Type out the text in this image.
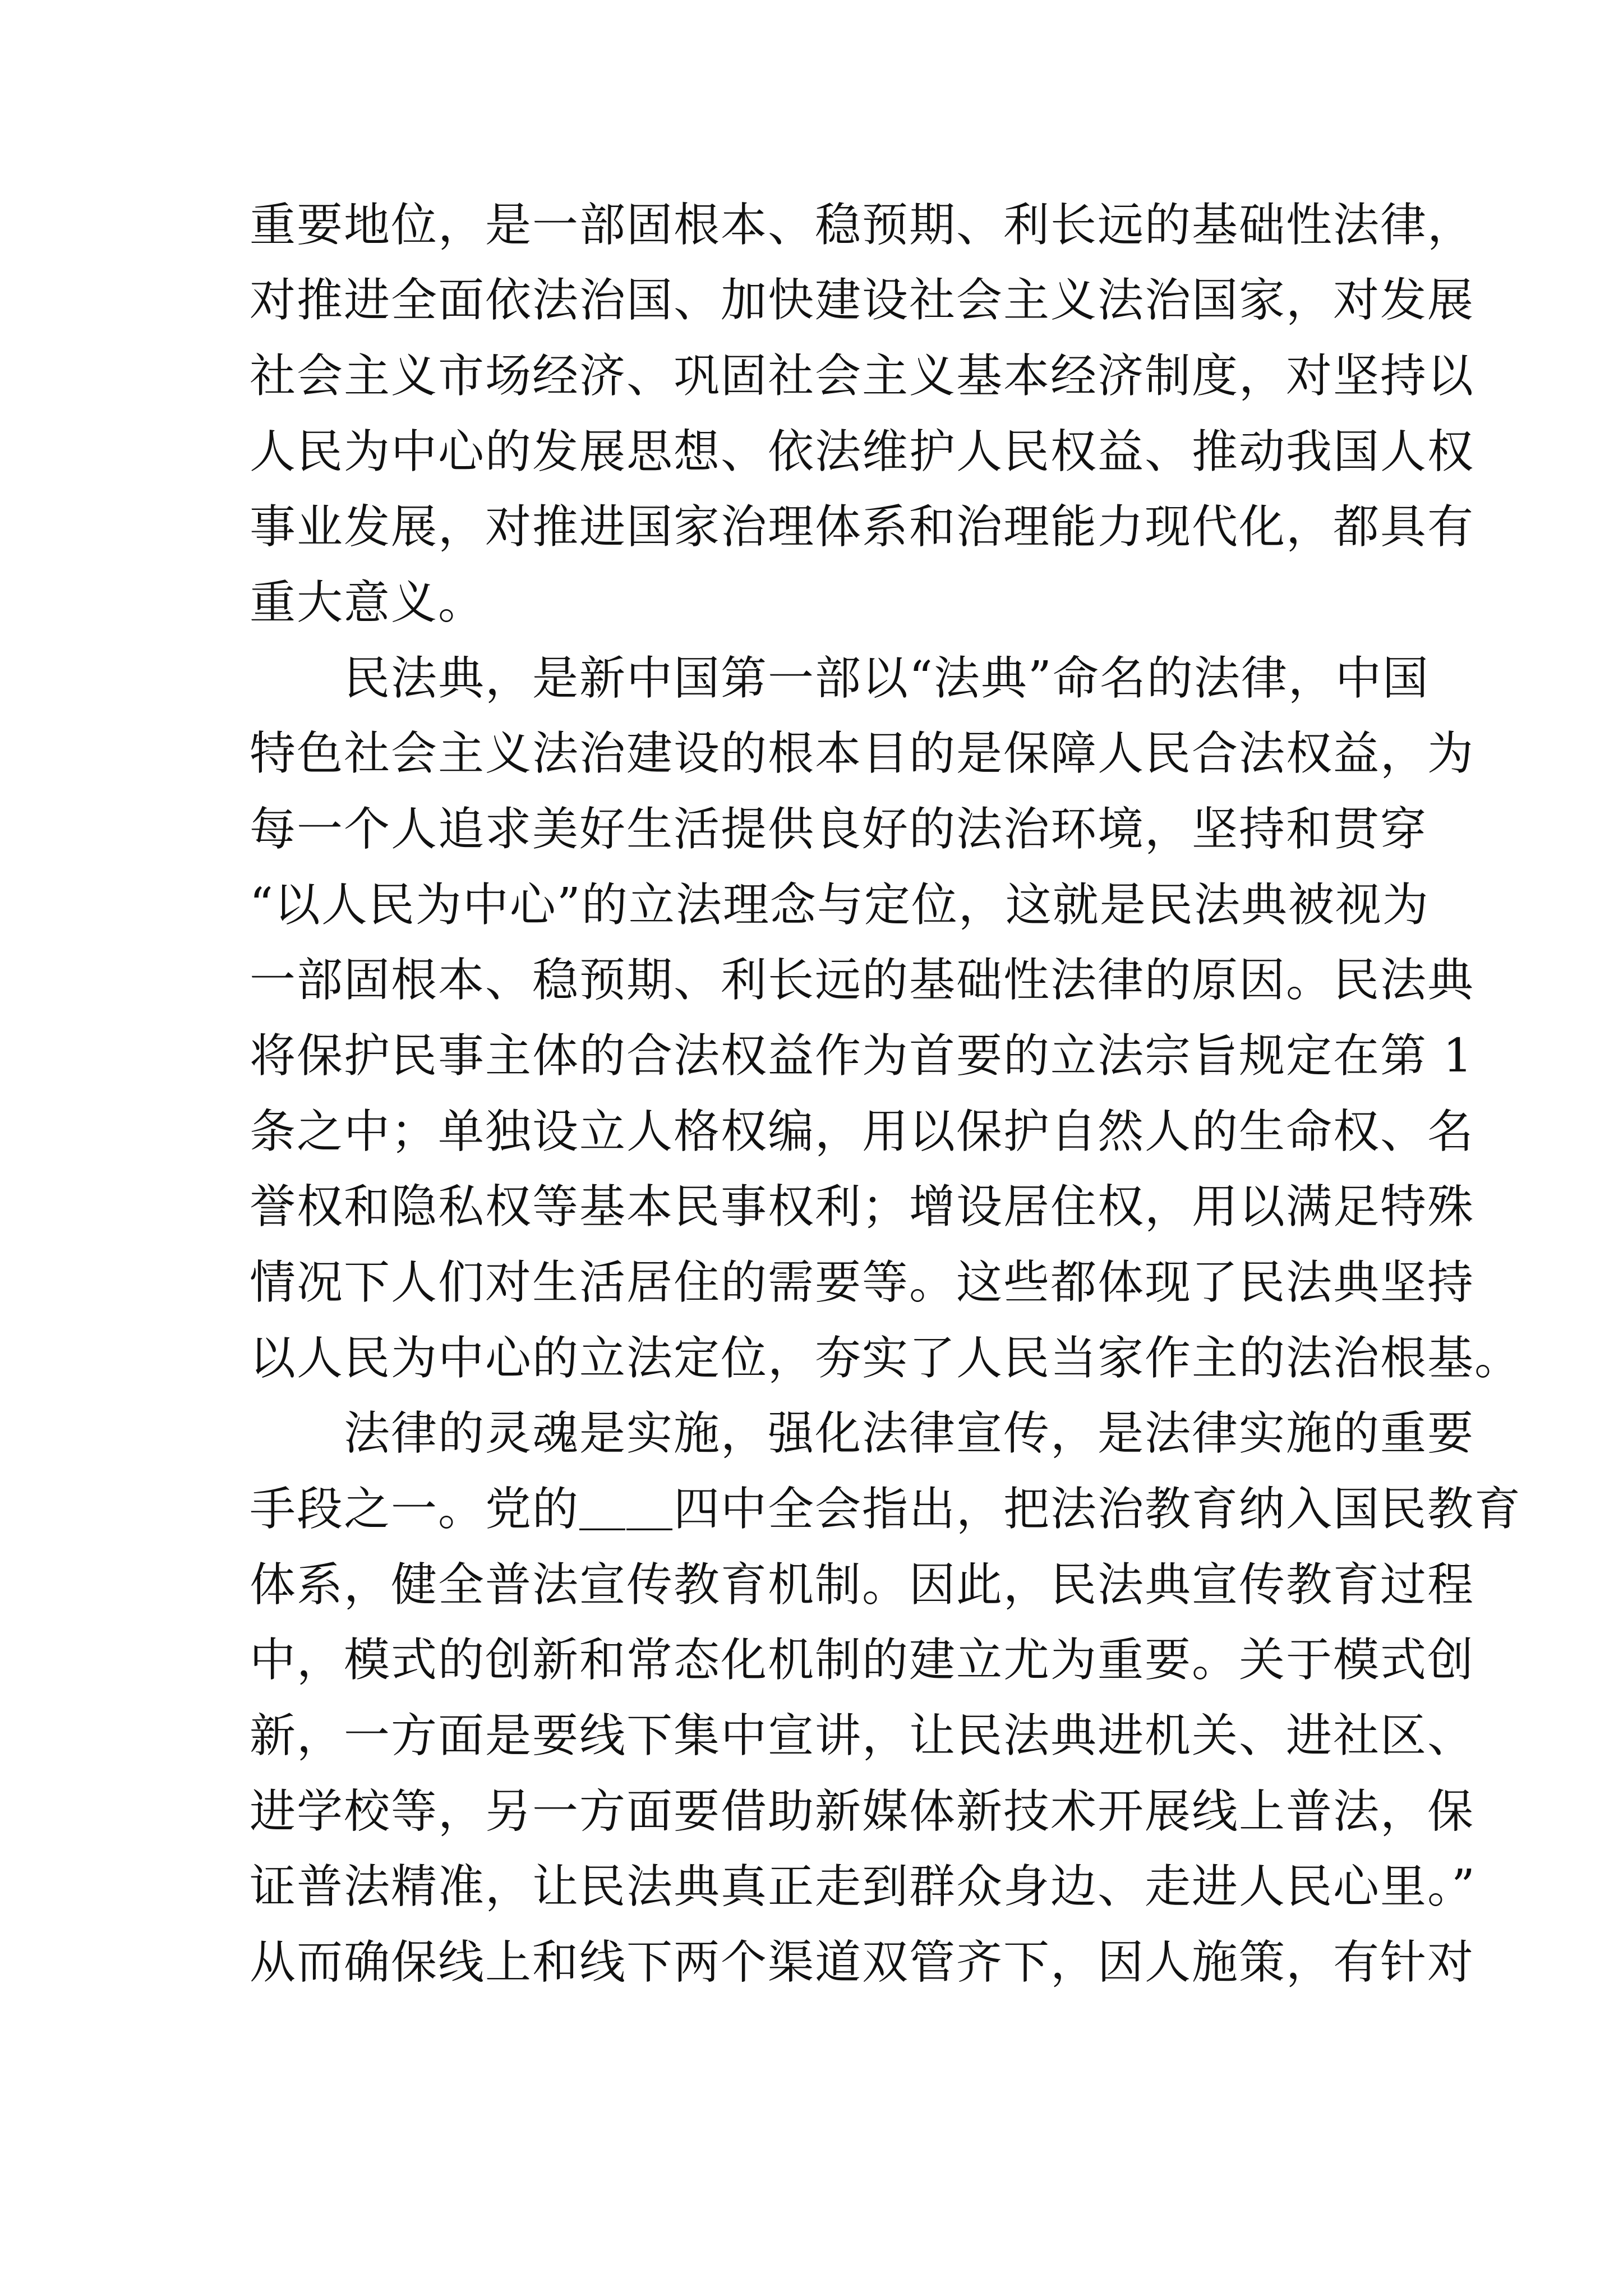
重要地位，是一部固根本、稳预期、利长远的基础性法律，
对推进全面依法治国、加快建设社会主义法治国家，对发展
社会主义市场经济、巩固社会主义基本经济制度，对坚持以
人民为中心的发展思想、依法维护人民权益、推动我国人权
事业发展，对推进国家治理体系和治理能力现代化，都具有
重大意义。
　　民法典，是新中国第一部以“法典”命名的法律，中国
特色社会主义法治建设的根本目的是保障人民合法权益，为
每一个人追求美好生活提供良好的法治环境，坚持和贯穿
“以人民为中心”的立法理念与定位，这就是民法典被视为
一部固根本、稳预期、利长远的基础性法律的原因。民法典
将保护民事主体的合法权益作为首要的立法宗旨规定在第 1
条之中；单独设立人格权编，用以保护自然人的生命权、名
誉权和隐私权等基本民事权利；增设居住权，用以满足特殊
情况下人们对生活居住的需要等。这些都体现了民法典坚持
以人民为中心的立法定位，夯实了人民当家作主的法治根基。
　　法律的灵魂是实施，强化法律宣传，是法律实施的重要
手段之一。党的＿＿四中全会指出，把法治教育纳入国民教育
体系，健全普法宣传教育机制。因此，民法典宣传教育过程
中，模式的创新和常态化机制的建立尤为重要。关于模式创
新，一方面是要线下集中宣讲，让民法典进机关、进社区、
进学校等，另一方面要借助新媒体新技术开展线上普法，保
证普法精准，让民法典真正走到群众身边、走进人民心里。”
从而确保线上和线下两个渠道双管齐下，因人施策，有针对
